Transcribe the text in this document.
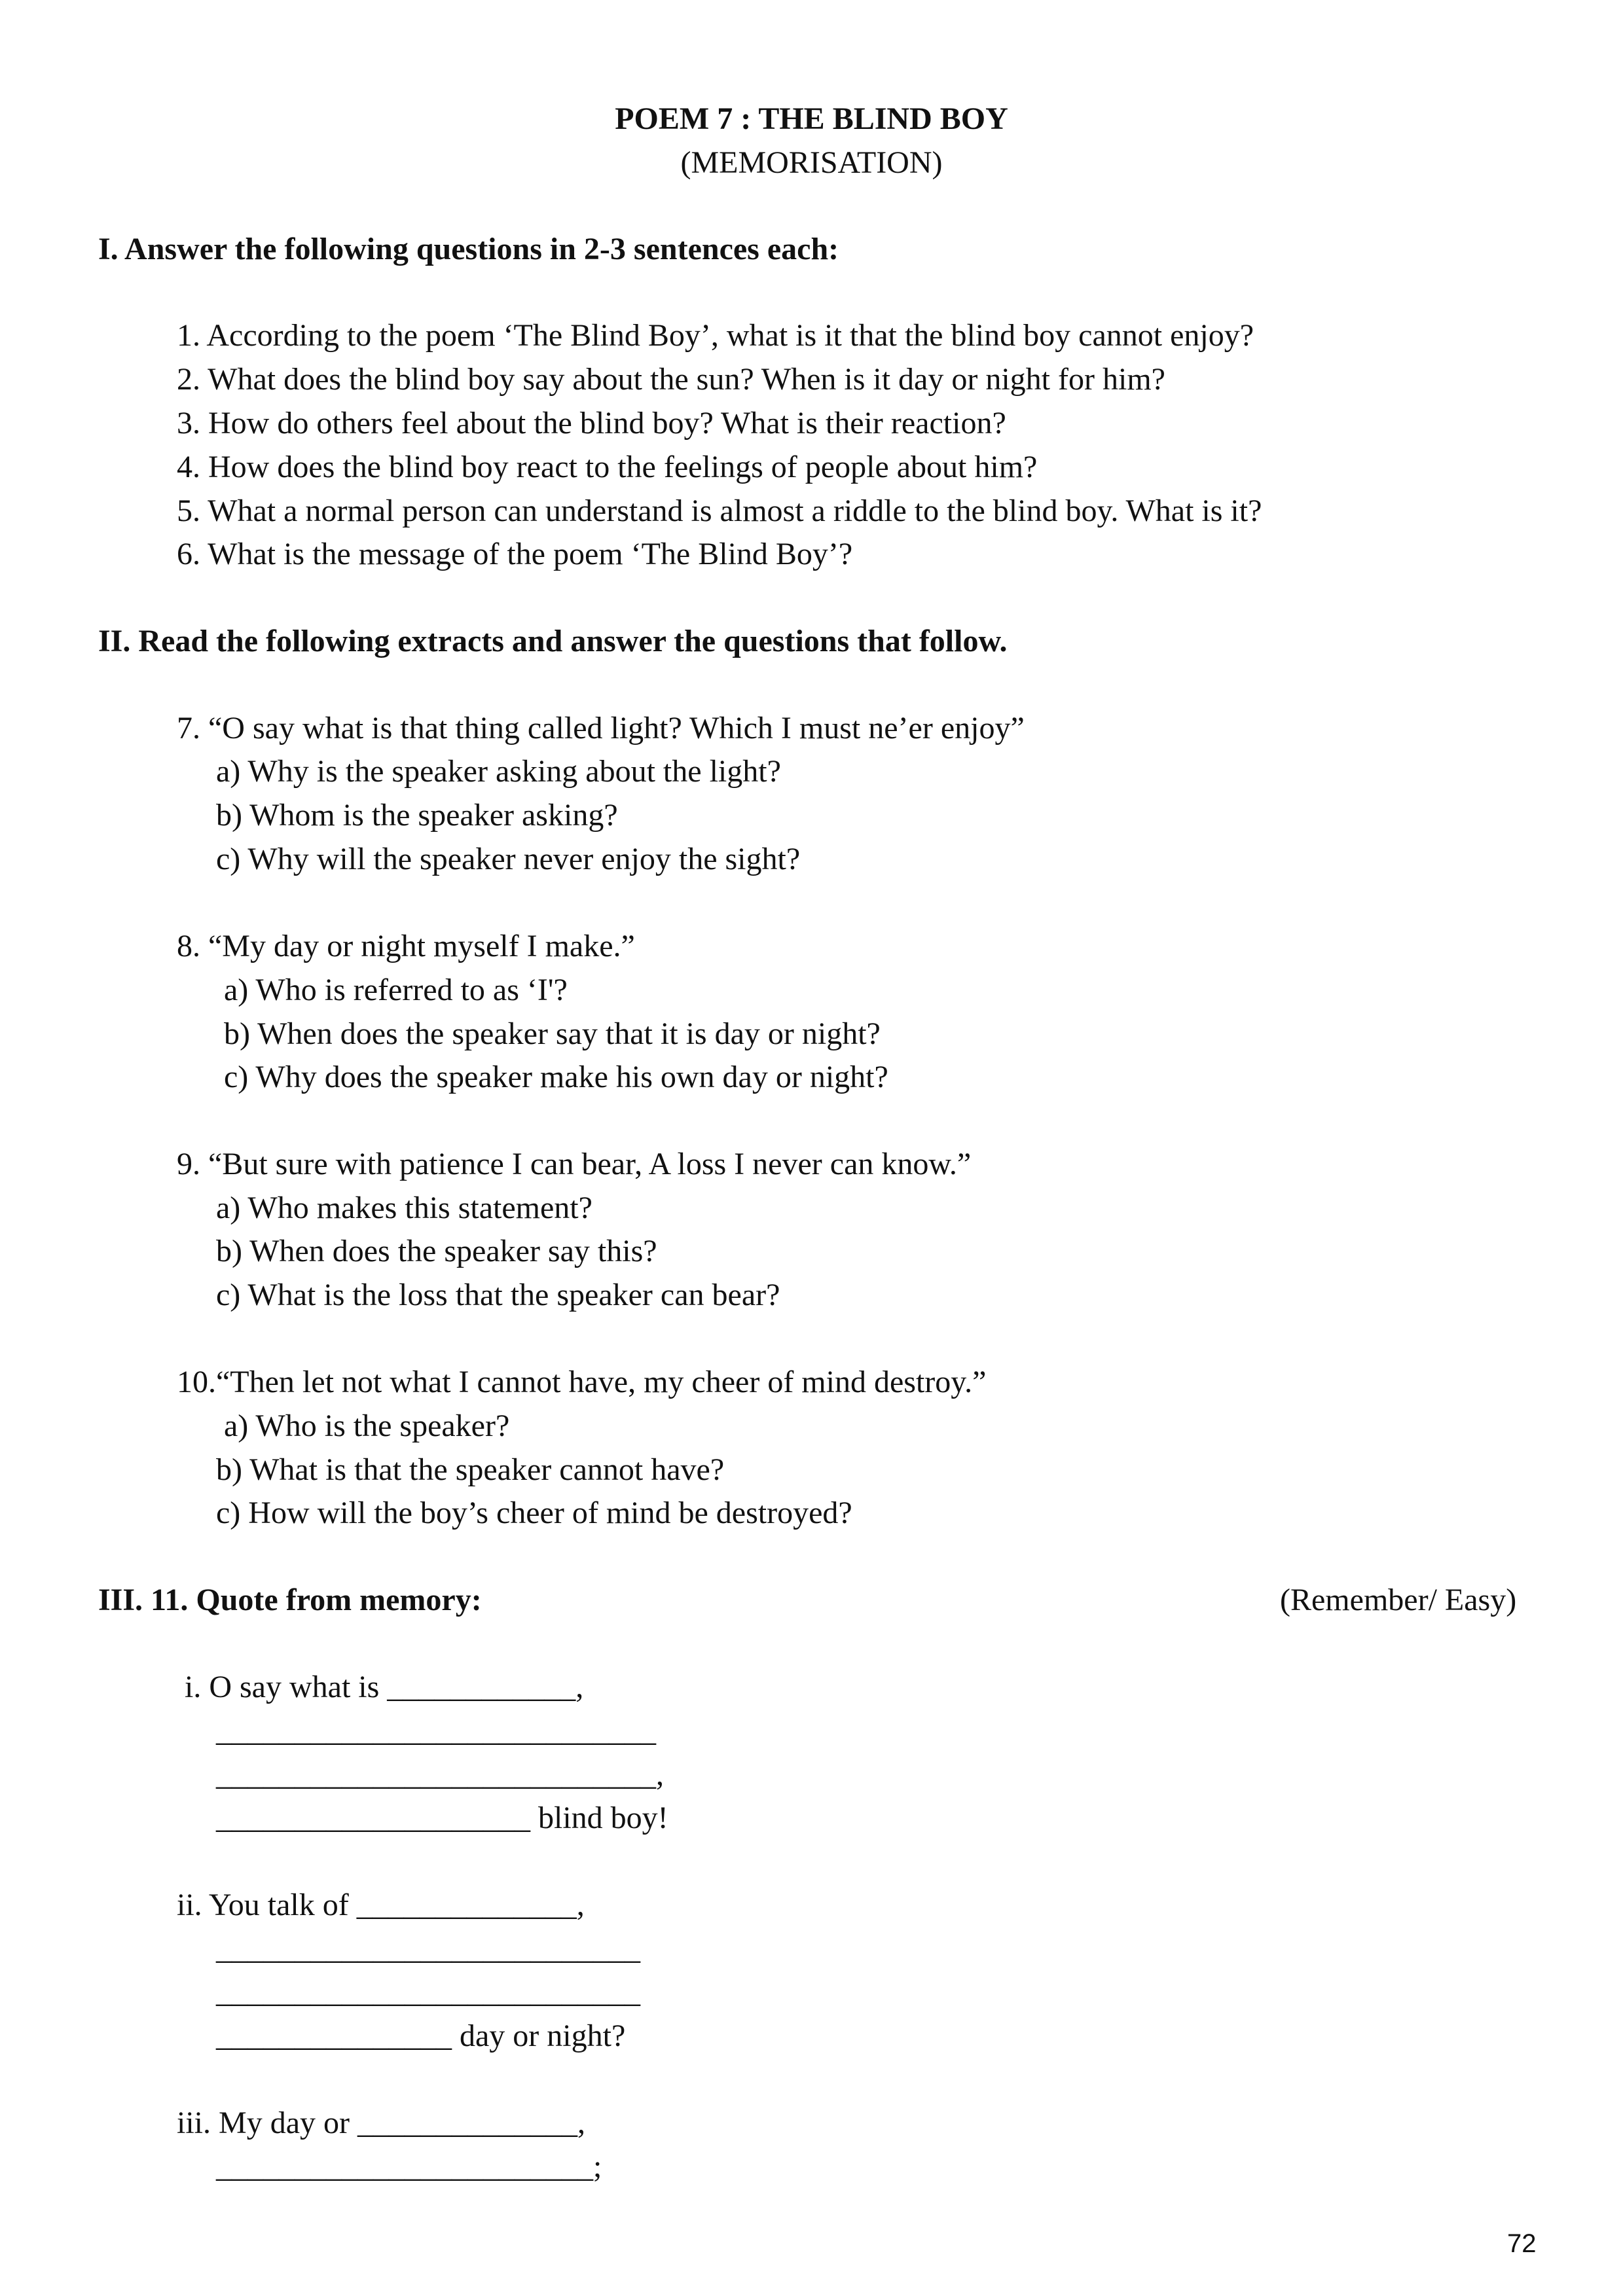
POEM 7 : THE BLIND BOY
(MEMORISATION)
I. Answer the following questions in 2-3 sentences each:
1. According to the poem ‘The Blind Boy’, what is it that the blind boy cannot enjoy?
2. What does the blind boy say about the sun? When is it day or night for him?
3. How do others feel about the blind boy? What is their reaction?
4. How does the blind boy react to the feelings of people about him?
5. What a normal person can understand is almost a riddle to the blind boy. What is it?
6. What is the message of the poem ‘The Blind Boy’?
II. Read the following extracts and answer the questions that follow.
7. “O say what is that thing called light? Which I must ne’er enjoy”
a) Why is the speaker asking about the light?
b) Whom is the speaker asking?
c) Why will the speaker never enjoy the sight?
8. “My day or night myself I make.”
a) Who is referred to as ‘I'?
b) When does the speaker say that it is day or night?
c) Why does the speaker make his own day or night?
9. “But sure with patience I can bear, A loss I never can know.”
a) Who makes this statement?
b) When does the speaker say this?
c) What is the loss that the speaker can bear?
10.“Then let not what I cannot have, my cheer of mind destroy.”
a) Who is the speaker?
b) What is that the speaker cannot have?
c) How will the boy’s cheer of mind be destroyed?
III. 11. Quote from memory:	(Remember/ Easy)
i. O say what is ____________,
____________________________
____________________________,
____________________ blind boy!
ii. You talk of ______________,
___________________________
___________________________
_______________ day or night?
iii. My day or ______________,
________________________;
72
